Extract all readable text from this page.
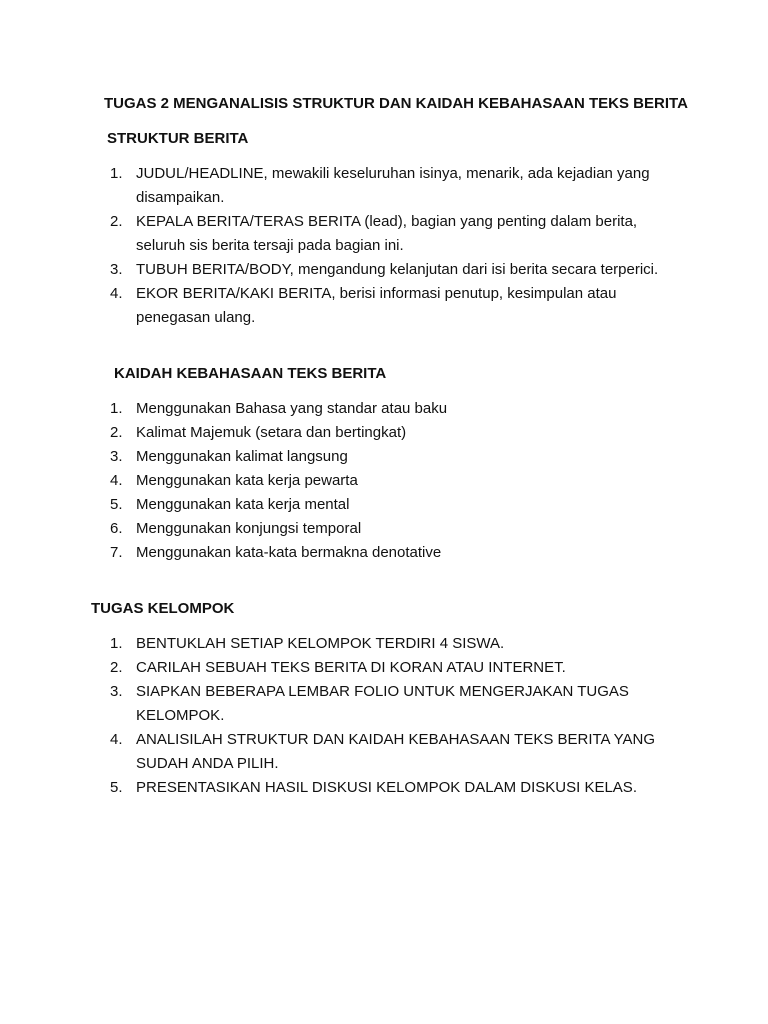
TUGAS 2 MENGANALISIS STRUKTUR DAN KAIDAH KEBAHASAAN TEKS BERITA
STRUKTUR BERITA
1. JUDUL/HEADLINE, mewakili keseluruhan isinya, menarik, ada kejadian yang disampaikan.
2. KEPALA BERITA/TERAS BERITA (lead), bagian yang penting dalam berita, seluruh sis berita tersaji pada bagian ini.
3. TUBUH BERITA/BODY, mengandung kelanjutan dari isi berita secara terperici.
4. EKOR BERITA/KAKI BERITA, berisi informasi penutup, kesimpulan atau penegasan ulang.
KAIDAH KEBAHASAAN TEKS BERITA
1. Menggunakan Bahasa yang standar atau baku
2. Kalimat Majemuk (setara dan bertingkat)
3. Menggunakan kalimat langsung
4. Menggunakan kata kerja pewarta
5. Menggunakan kata kerja mental
6. Menggunakan konjungsi temporal
7. Menggunakan kata-kata bermakna denotative
TUGAS KELOMPOK
1. BENTUKLAH SETIAP KELOMPOK TERDIRI 4 SISWA.
2. CARILAH SEBUAH TEKS BERITA DI KORAN ATAU INTERNET.
3. SIAPKAN BEBERAPA LEMBAR FOLIO UNTUK MENGERJAKAN TUGAS KELOMPOK.
4. ANALISILAH STRUKTUR DAN KAIDAH KEBAHASAAN TEKS BERITA YANG SUDAH ANDA PILIH.
5. PRESENTASIKAN HASIL DISKUSI KELOMPOK DALAM DISKUSI KELAS.
